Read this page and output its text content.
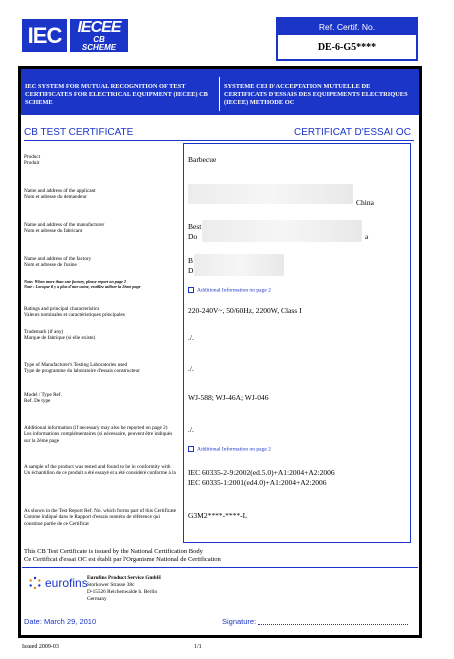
IEC	IECEE
CB
SCHEME
Ref. Certif. No.
DE-6-G5****
IEC SYSTEM FOR MUTUAL RECOGNITION OF TEST CERTIFICATES FOR ELECTRICAL EQUIPMENT (IECEE) CB SCHEME
SYSTEME CEI D'ACCEPTATION MUTUELLE DE CERTIFICATS D'ESSAIS DES EQUIPEMENTS ELECTRIQUES (IECEE) METHODE OC
CB TEST CERTIFICATE	CERTIFICAT D'ESSAI OC
Product
Produit	Barbecue
Name and address of the applicant
Nom et adresse du demandeur
China
Name and address of the manufacturer
Nom et adresse du fabricant
Best
Do	a
Name and address of the factory
Nom et adresse de l'usine
B
D
Note: When more than one factory, please report on page 2
Note : Lorsque il y a plus d'une usine, veuillez utiliser la 2ème page
Additional Information on page 2
Ratings and principal characteristics
Valeurs nominales et caractéristiques principales
220-240V~, 50/60Hz, 2200W, Class I
Trademark (if any)
Marque de fabrique (si elle existe)	./.
Type of Manufacturer's Testing Laboratories used
Type de programme du laboratoire d'essais constructeur	./.
Model / Type Ref.
Ref. De type	WJ-588; WJ-46A; WJ-046
Additional information (if necessary may also be reported on page 2)
Les informations complémentaires (si nécessaire, peuvent être indiqués sur la 2ème page
./.
Additional Information on page 2
A sample of the product was tested and found to be in conformity with
Un échantillon de ce produit a été essayé et a été considéré conforme à la	IEC 60335-2-9:2002(ed.5.0)+A1:2004+A2:2006
IEC 60335-1:2001(ed4.0)+A1:2004+A2:2006
As shown in the Test Report Ref. No. which forms part of this Certificate
Comme indiqué dans le Rapport d'essais numéro de référence qui constitue partie de ce Certificat
G3M2****-****-L
This CB Test Certificate is issued by the National Certification Body
Ce Certificat d'essai OC est établi par l'Organisme National de Certification
eurofins Eurofins Product Service GmbH
Storkower Strasse 38c
D-15526 Reichenwalde b. Berlin
Germany
Date: March 29, 2010	Signature:
Issued 2009-03	1/1
